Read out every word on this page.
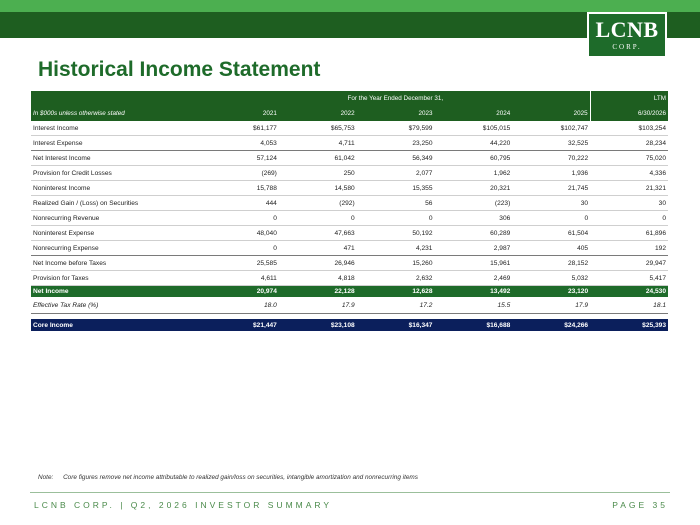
LCNB
CORP.
Historical Income Statement
	For the Year Ended December 31,					LTM
In $000s unless otherwise stated	2021	2022	2023	2024	2025	6/30/2026
Interest Income	$61,177	$65,753	$79,599	$105,015	$102,747	$103,254
Interest Expense	4,053	4,711	23,250	44,220	32,525	28,234
Net Interest Income	57,124	61,042	56,349	60,795	70,222	75,020
Provision for Credit Losses	(269)	250	2,077	1,962	1,936	4,336
Noninterest Income	15,788	14,580	15,355	20,321	21,745	21,321
Realized Gain / (Loss) on Securities	444	(292)	56	(223)	30	30
Nonrecurring Revenue	0	0	0	306	0	0
Noninterest Expense	48,040	47,663	50,192	60,289	61,504	61,896
Nonrecurring Expense	0	471	4,231	2,987	405	192
Net Income before Taxes	25,585	26,946	15,260	15,961	28,152	29,947
Provision for Taxes	4,611	4,818	2,632	2,469	5,032	5,417
Net Income	20,974	22,128	12,628	13,492	23,120	24,530
Effective Tax Rate (%)	18.0	17.9	17.2	15.5	17.9	18.1

Core Income	$21,447	$23,108	$16,347	$16,688	$24,266	$25,393
Note: Core figures remove net income attributable to realized gain/loss on securities, intangible amortization and nonrecurring items
LCNB CORP. | Q2, 2026 INVESTOR SUMMARY	PAGE 35
